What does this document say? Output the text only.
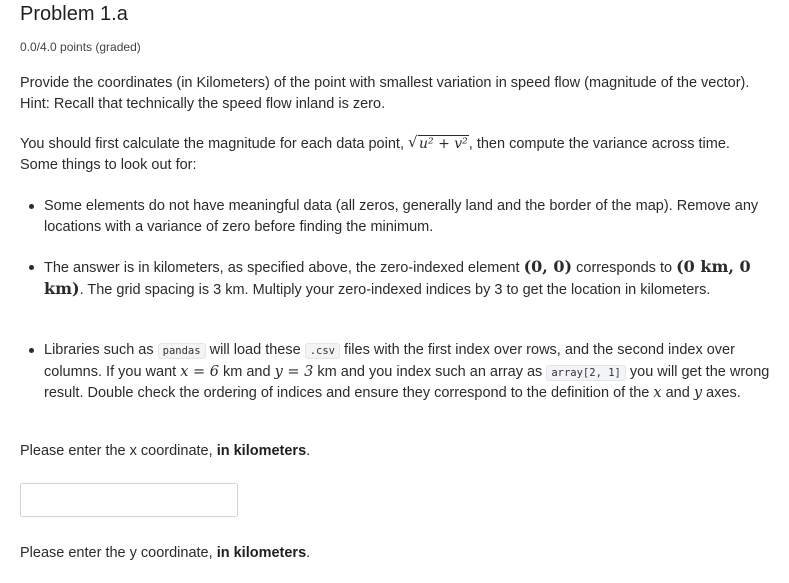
Problem 1.a
0.0/4.0 points (graded)
Provide the coordinates (in Kilometers) of the point with smallest variation in speed flow (magnitude of the vector). Hint: Recall that technically the speed flow inland is zero.
You should first calculate the magnitude for each data point, √ u² + v², then compute the variance across time. Some things to look out for:
Some elements do not have meaningful data (all zeros, generally land and the border of the map). Remove any locations with a variance of zero before finding the minimum.
The answer is in kilometers, as specified above, the zero-indexed element (0, 0) corresponds to (0 km, 0 km). The grid spacing is 3 km. Multiply your zero-indexed indices by 3 to get the location in kilometers.
Libraries such as pandas will load these .csv files with the first index over rows, and the second index over columns. If you want x = 6 km and y = 3 km and you index such an array as array[2, 1] you will get the wrong result. Double check the ordering of indices and ensure they correspond to the definition of the x and y axes.
Please enter the x coordinate, in kilometers.
Please enter the y coordinate, in kilometers.
